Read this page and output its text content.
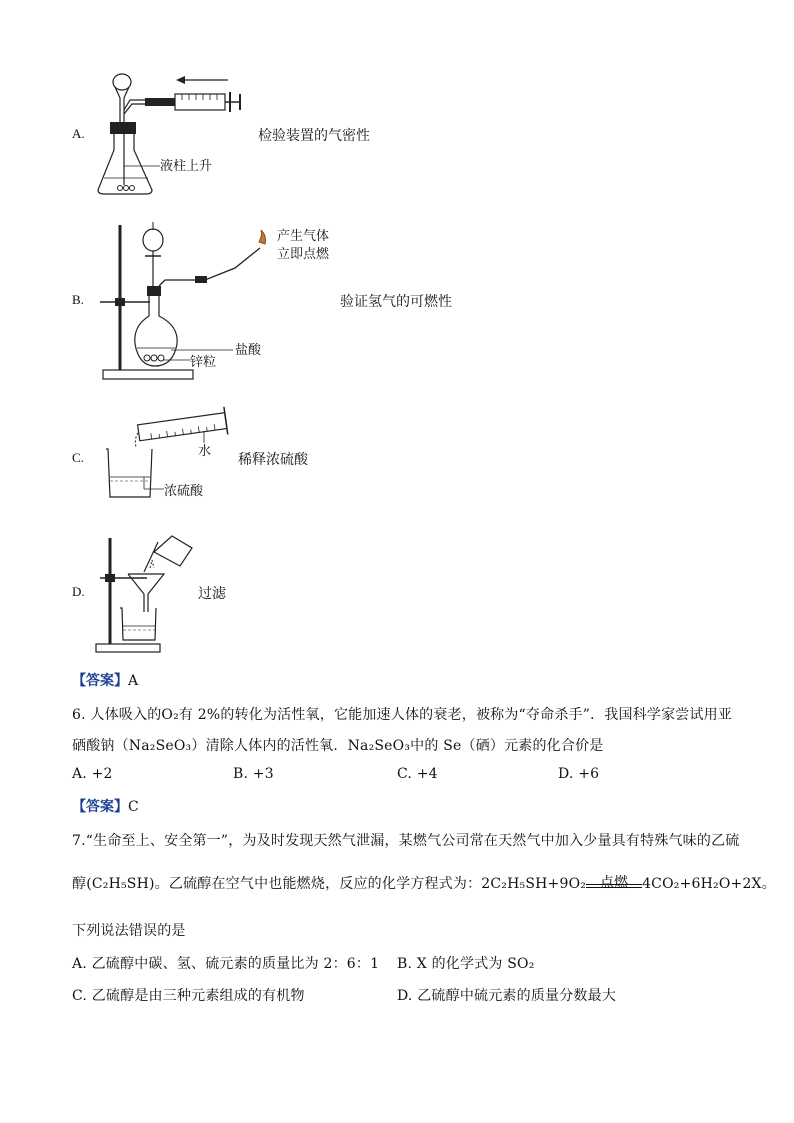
A.
液柱上升
检验装置的气密性
B.
盐酸
锌粒
产生气体
立即点燃
验证氢气的可燃性
C.	水
浓硫酸
稀释浓硫酸
D.	过滤
【答案】A
6. 人体吸入的O₂有 2%的转化为活性氧，它能加速人体的衰老，被称为“夺命杀手”．我国科学家尝试用亚
硒酸钠（Na₂SeO₃）清除人体内的活性氧．Na₂SeO₃中的 Se（硒）元素的化合价是
A. +2	B. +3	C. +4	D. +6
【答案】C
7.“生命至上、安全第一”，为及时发现天然气泄漏，某燃气公司常在天然气中加入少量具有特殊气味的乙硫
醇(C₂H₅SH)。乙硫醇在空气中也能燃烧，反应的化学方程式为：2C₂H₅SH+9O₂ 点燃 4CO₂+6H₂O+2X。
下列说法错误的是
A. 乙硫醇中碳、氢、硫元素的质量比为 2：6：1 B. X 的化学式为 SO₂
C. 乙硫醇是由三种元素组成的有机物	D. 乙硫醇中硫元素的质量分数最大
